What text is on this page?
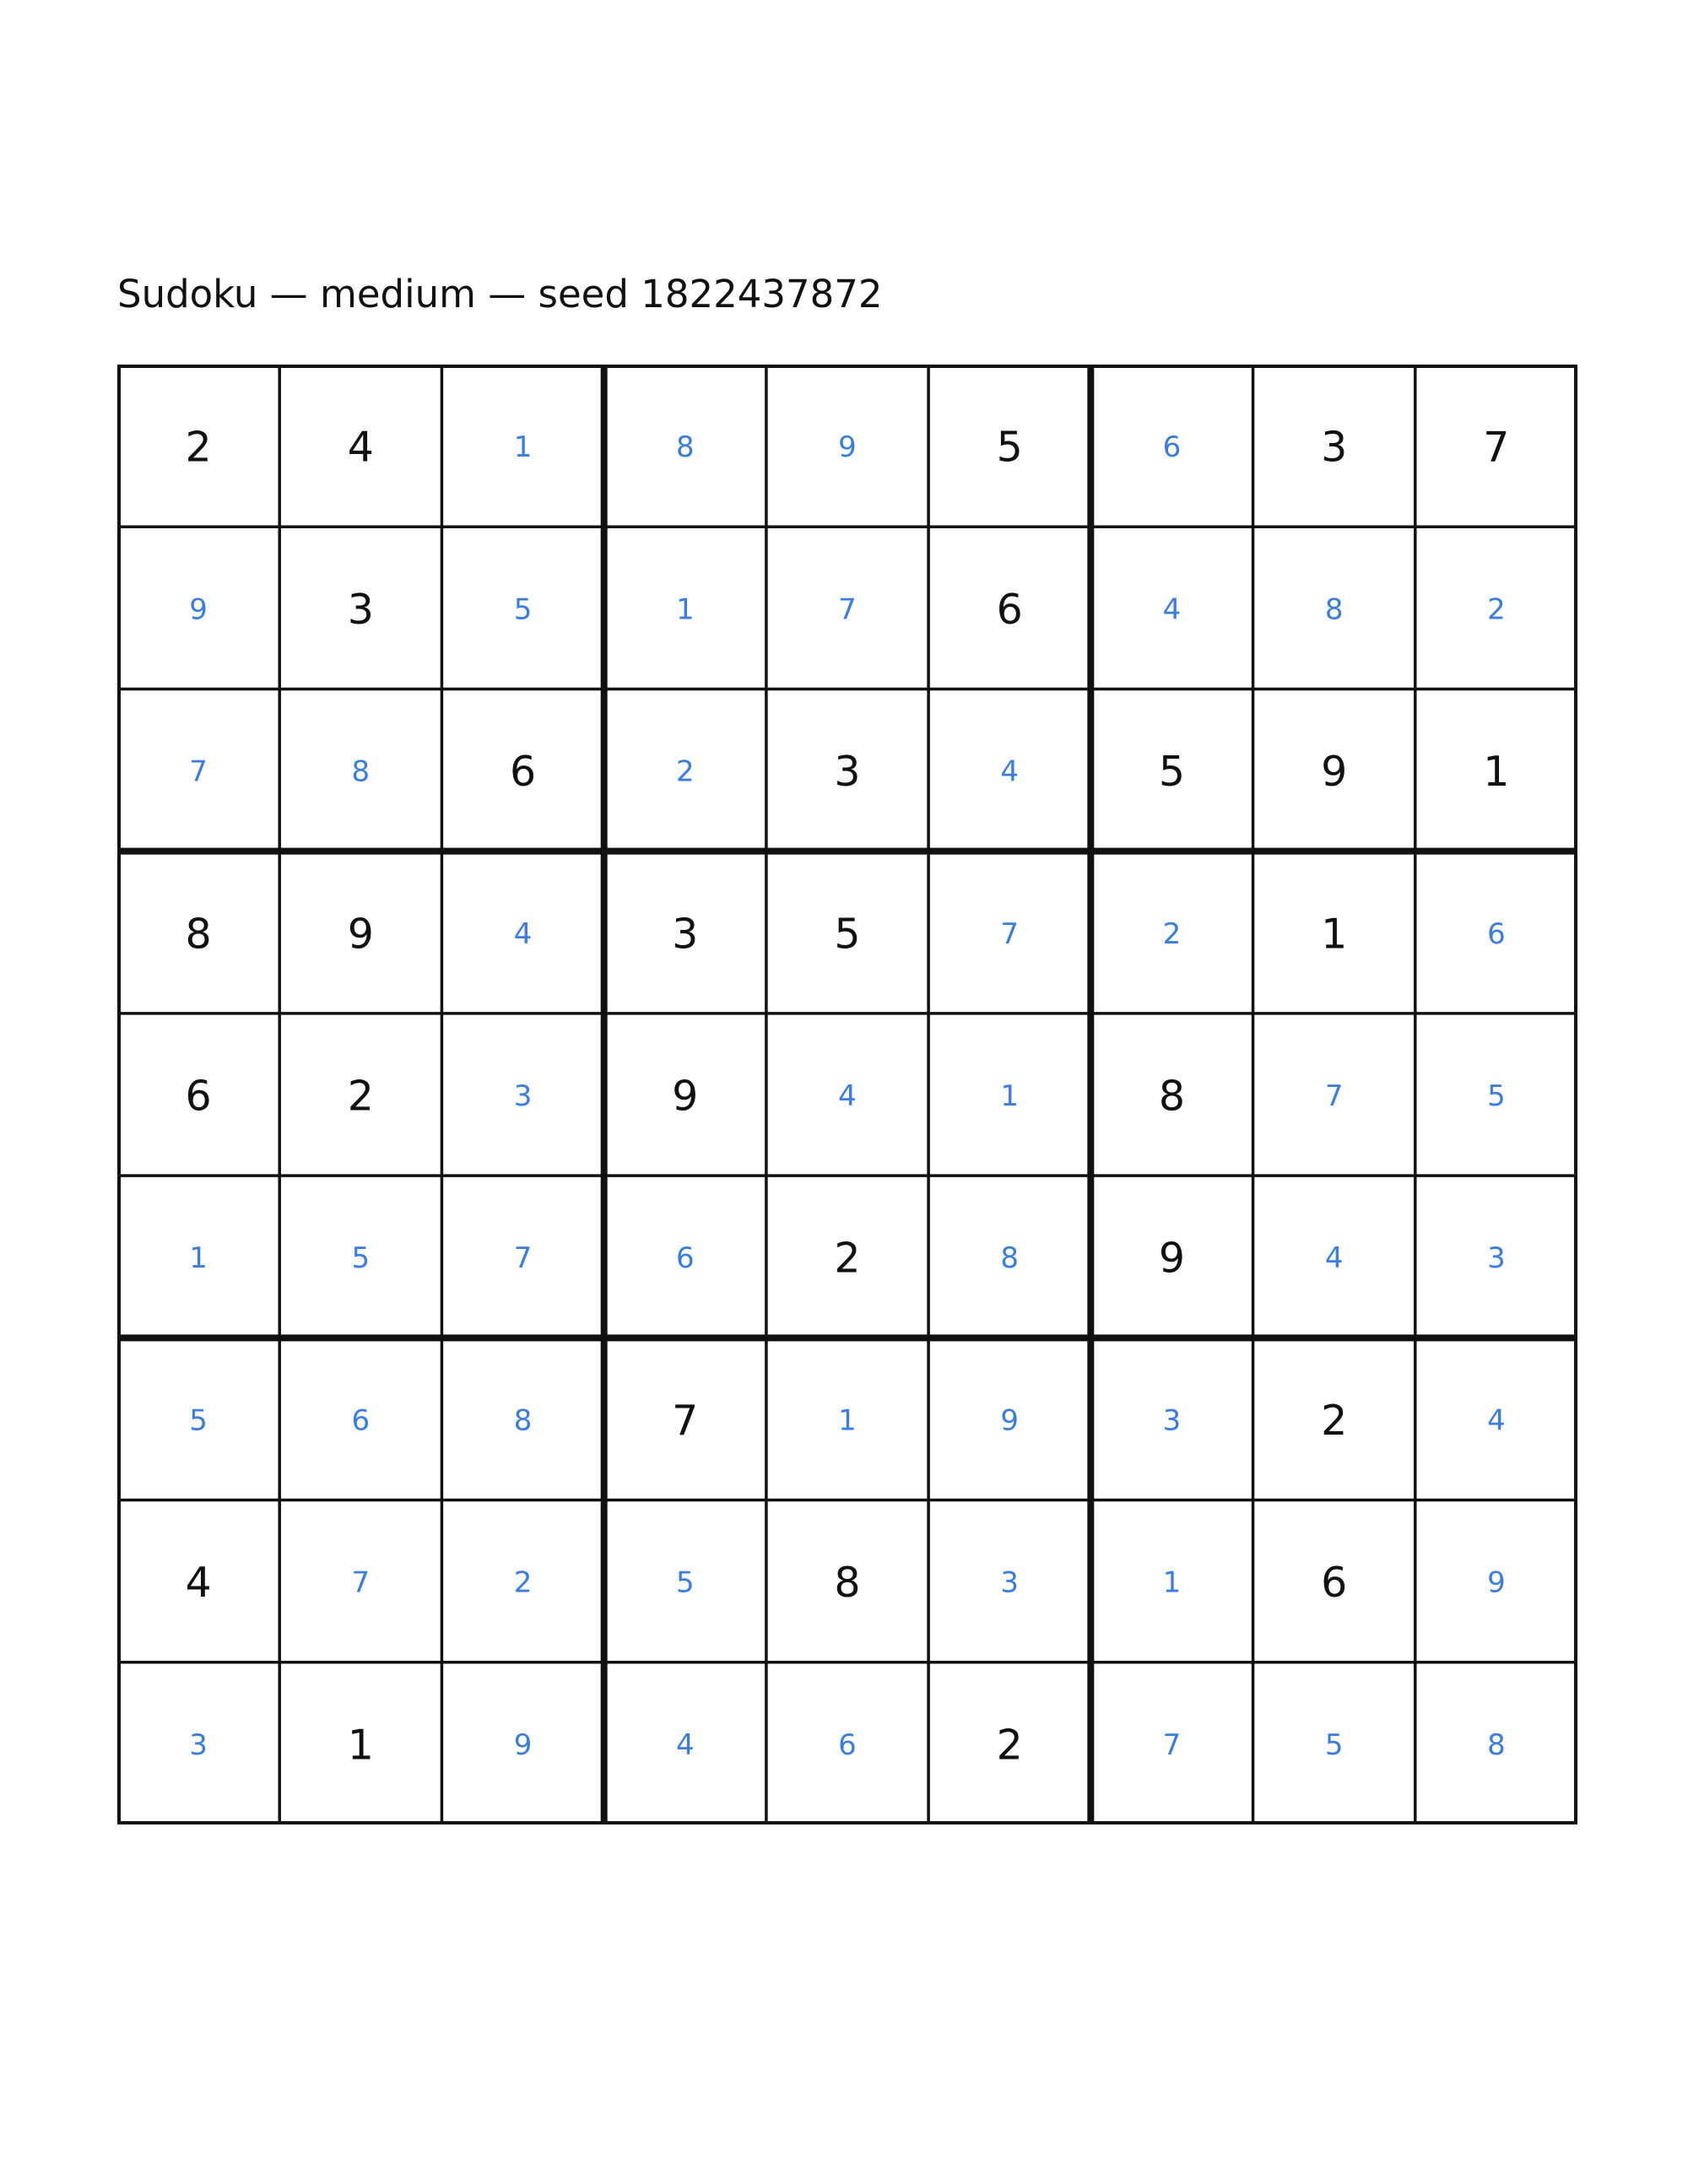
Sudoku — medium — seed 1822437872
2	4	1	8	9	5	6	3	7
9	3	5	1	7	6	4	8	2
7	8	6	2	3	4	5	9	1
8	9	4	3	5	7	2	1	6
6	2	3	9	4	1	8	7	5
1	5	7	6	2	8	9	4	3
5	6	8	7	1	9	3	2	4
4	7	2	5	8	3	1	6	9
3	1	9	4	6	2	7	5	8
